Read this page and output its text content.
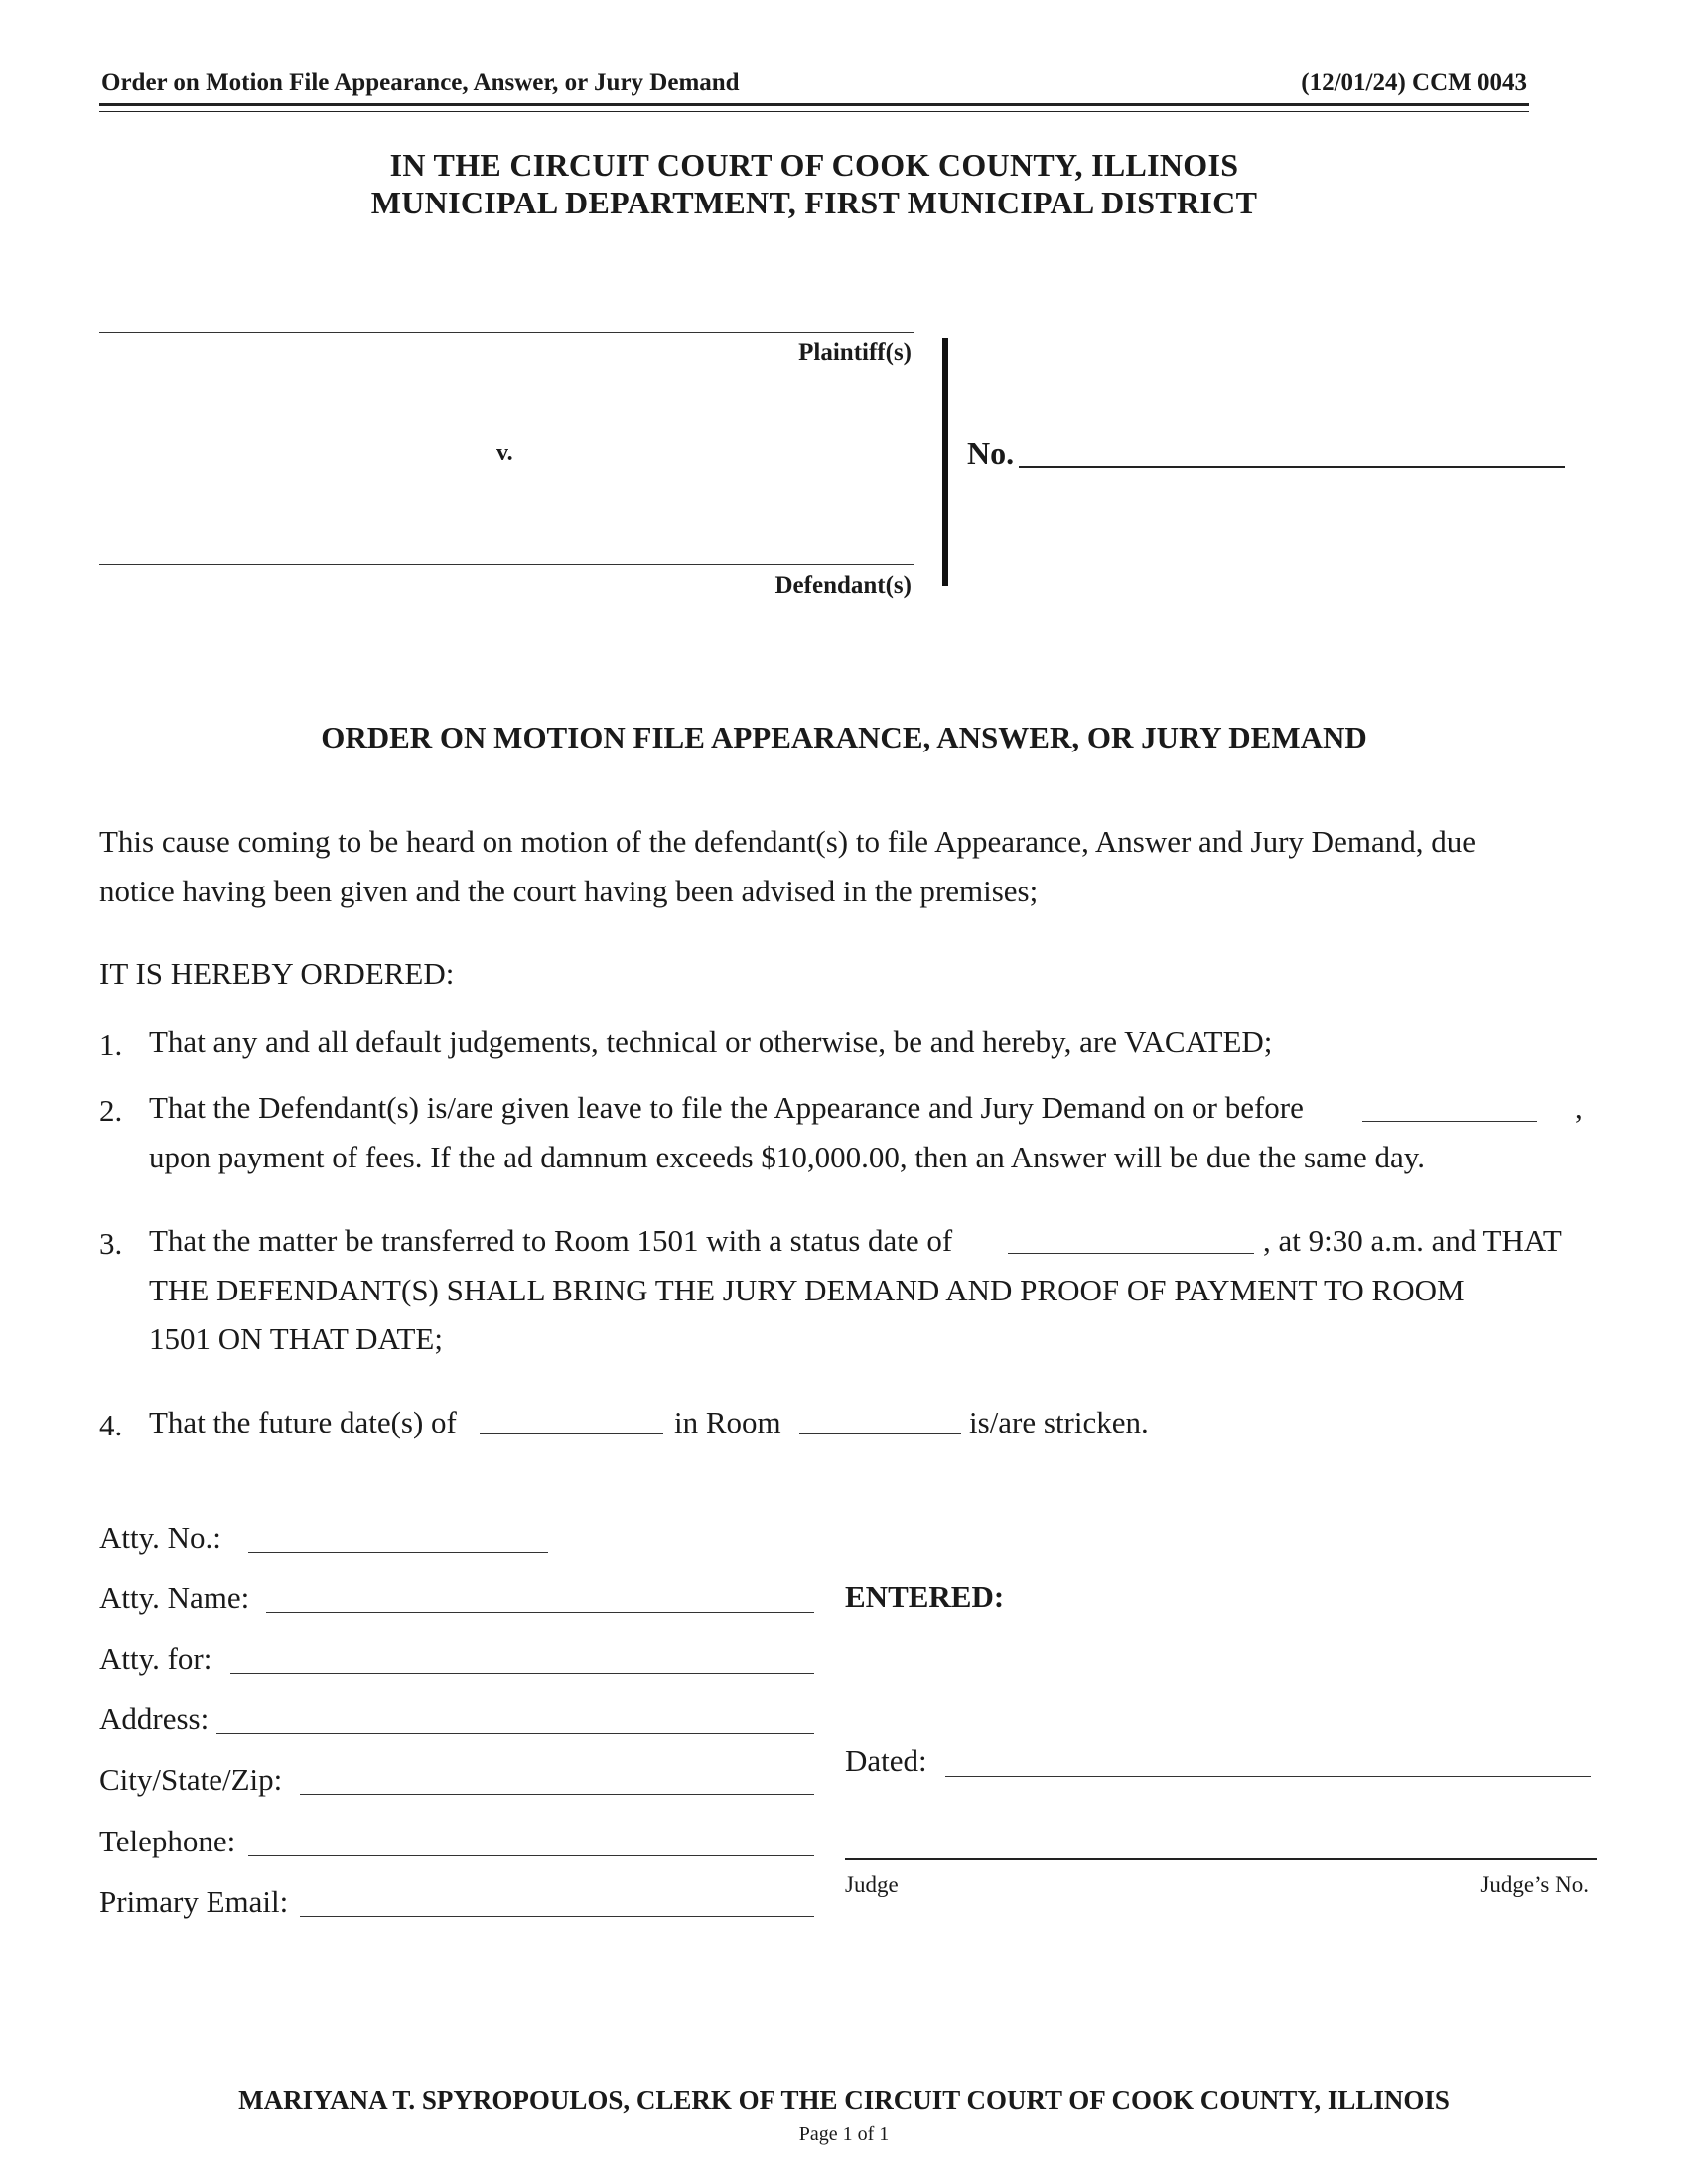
Order on Motion File Appearance, Answer, or Jury Demand	(12/01/24) CCM 0043
IN THE CIRCUIT COURT OF COOK COUNTY, ILLINOIS
MUNICIPAL DEPARTMENT, FIRST MUNICIPAL DISTRICT
Plaintiff(s)
v.
Defendant(s)
No.
ORDER ON MOTION FILE APPEARANCE, ANSWER, OR JURY DEMAND
This cause coming to be heard on motion of the defendant(s) to file Appearance, Answer and Jury Demand, due
notice having been given and the court having been advised in the premises;
IT IS HEREBY ORDERED:
1. That any and all default judgements, technical or otherwise, be and hereby, are VACATED;
2. That the Defendant(s) is/are given leave to file the Appearance and Jury Demand on or before	,
upon payment of fees. If the ad damnum exceeds $10,000.00, then an Answer will be due the same day.
3. That the matter be transferred to Room 1501 with a status date of	, at 9:30 a.m. and THAT
THE DEFENDANT(S) SHALL BRING THE JURY DEMAND AND PROOF OF PAYMENT TO ROOM
1501 ON THAT DATE;
4. That the future date(s) of	in Room	is/are stricken.
Atty. No.:
Atty. Name:
Atty. for:
Address:
City/State/Zip:
Telephone:
Primary Email:
ENTERED:
Dated:
Judge	Judge’s No.
MARIYANA T. SPYROPOULOS, CLERK OF THE CIRCUIT COURT OF COOK COUNTY, ILLINOIS
Page 1 of 1
